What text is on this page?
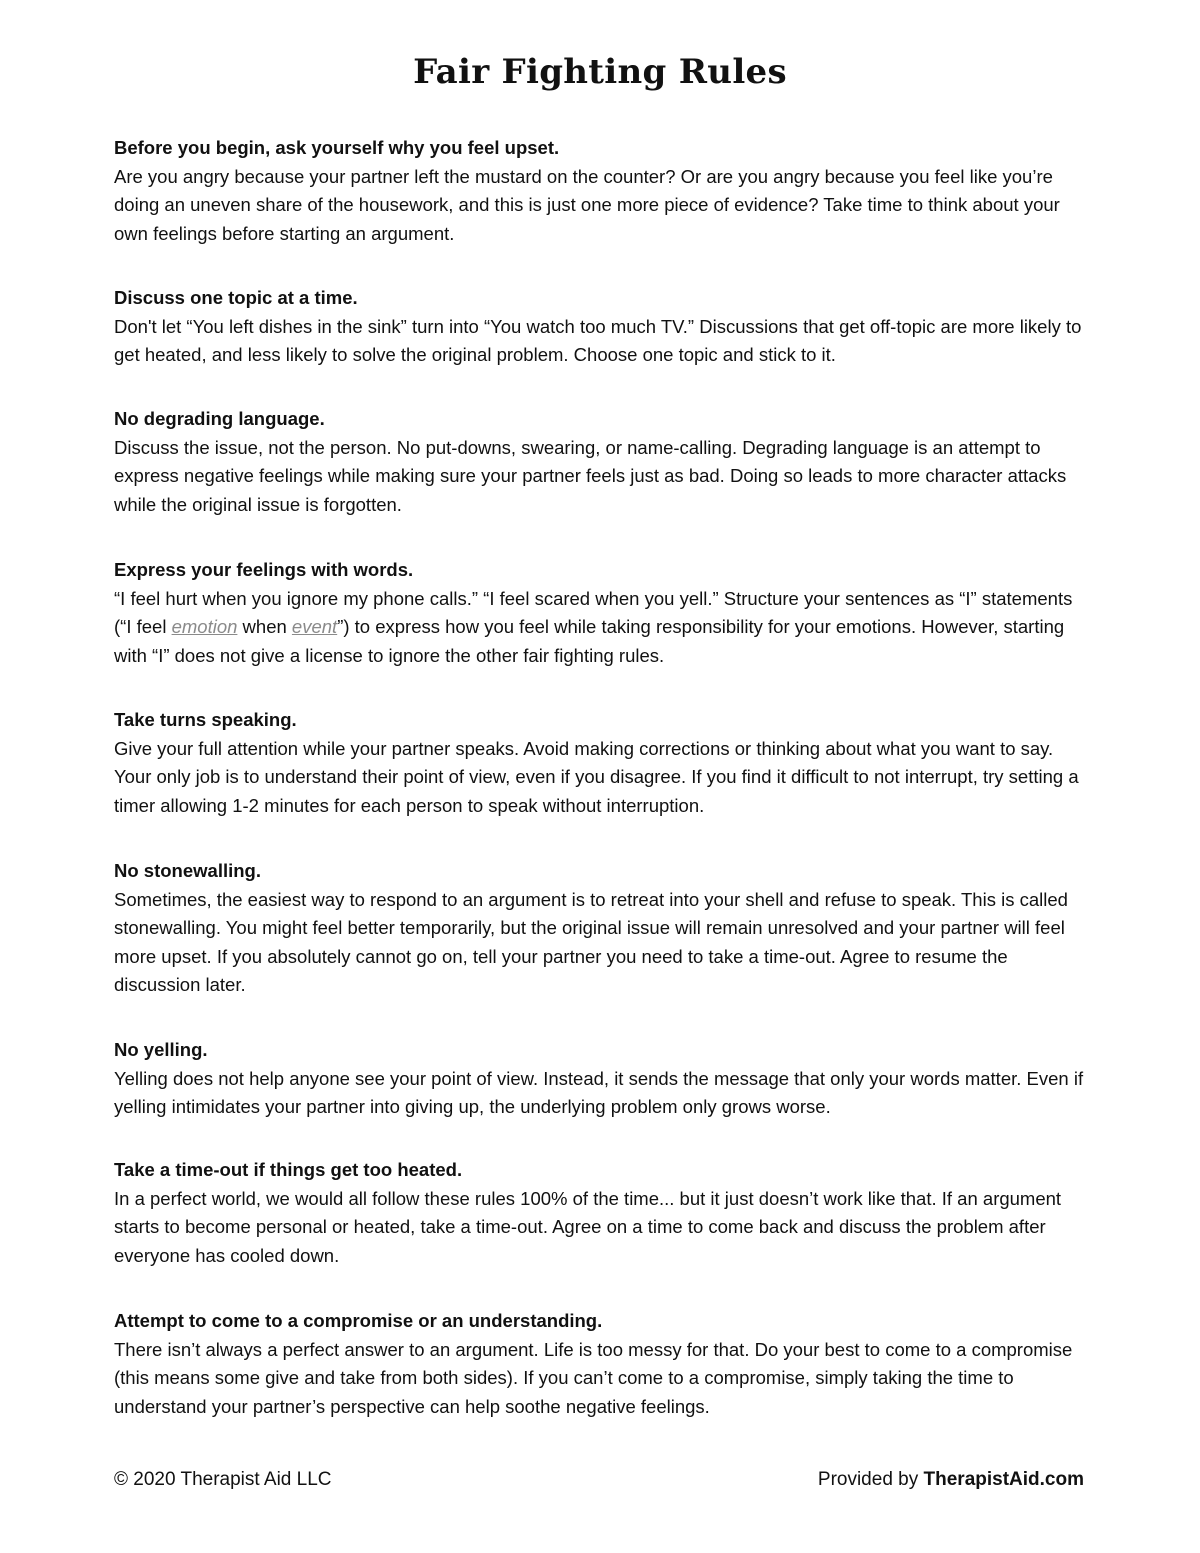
Fair Fighting Rules

Before you begin, ask yourself why you feel upset.

Are you angry because your partner left the mustard on the counter? Or are you angry because you feel like you’re doing an uneven share of the housework, and this is just one more piece of evidence? Take time to think about your own feelings before starting an argument.

Discuss one topic at a time.

Don't let “You left dishes in the sink” turn into “You watch too much TV.” Discussions that get off-topic are more likely to get heated, and less likely to solve the original problem. Choose one topic and stick to it.

No degrading language.

Discuss the issue, not the person. No put-downs, swearing, or name-calling. Degrading language is an attempt to express negative feelings while making sure your partner feels just as bad. Doing so leads to more character attacks while the original issue is forgotten.

Express your feelings with words.

“I feel hurt when you ignore my phone calls.” “I feel scared when you yell.” Structure your sentences as “I” statements (“I feel emotion when event”) to express how you feel while taking responsibility for your emotions. However, starting with “I” does not give a license to ignore the other fair fighting rules.

Take turns speaking.

Give your full attention while your partner speaks. Avoid making corrections or thinking about what you want to say. Your only job is to understand their point of view, even if you disagree. If you find it difficult to not interrupt, try setting a timer allowing 1-2 minutes for each person to speak without interruption.

No stonewalling.

Sometimes, the easiest way to respond to an argument is to retreat into your shell and refuse to speak. This is called stonewalling. You might feel better temporarily, but the original issue will remain unresolved and your partner will feel more upset. If you absolutely cannot go on, tell your partner you need to take a time-out. Agree to resume the discussion later.

No yelling.

Yelling does not help anyone see your point of view. Instead, it sends the message that only your words matter. Even if yelling intimidates your partner into giving up, the underlying problem only grows worse.

Take a time-out if things get too heated.

In a perfect world, we would all follow these rules 100% of the time... but it just doesn’t work like that. If an argument starts to become personal or heated, take a time-out. Agree on a time to come back and discuss the problem after everyone has cooled down.

Attempt to come to a compromise or an understanding.

There isn’t always a perfect answer to an argument. Life is too messy for that. Do your best to come to a compromise (this means some give and take from both sides). If you can’t come to a compromise, simply taking the time to understand your partner’s perspective can help soothe negative feelings.

© 2020 Therapist Aid LLC	Provided by TherapistAid.com
